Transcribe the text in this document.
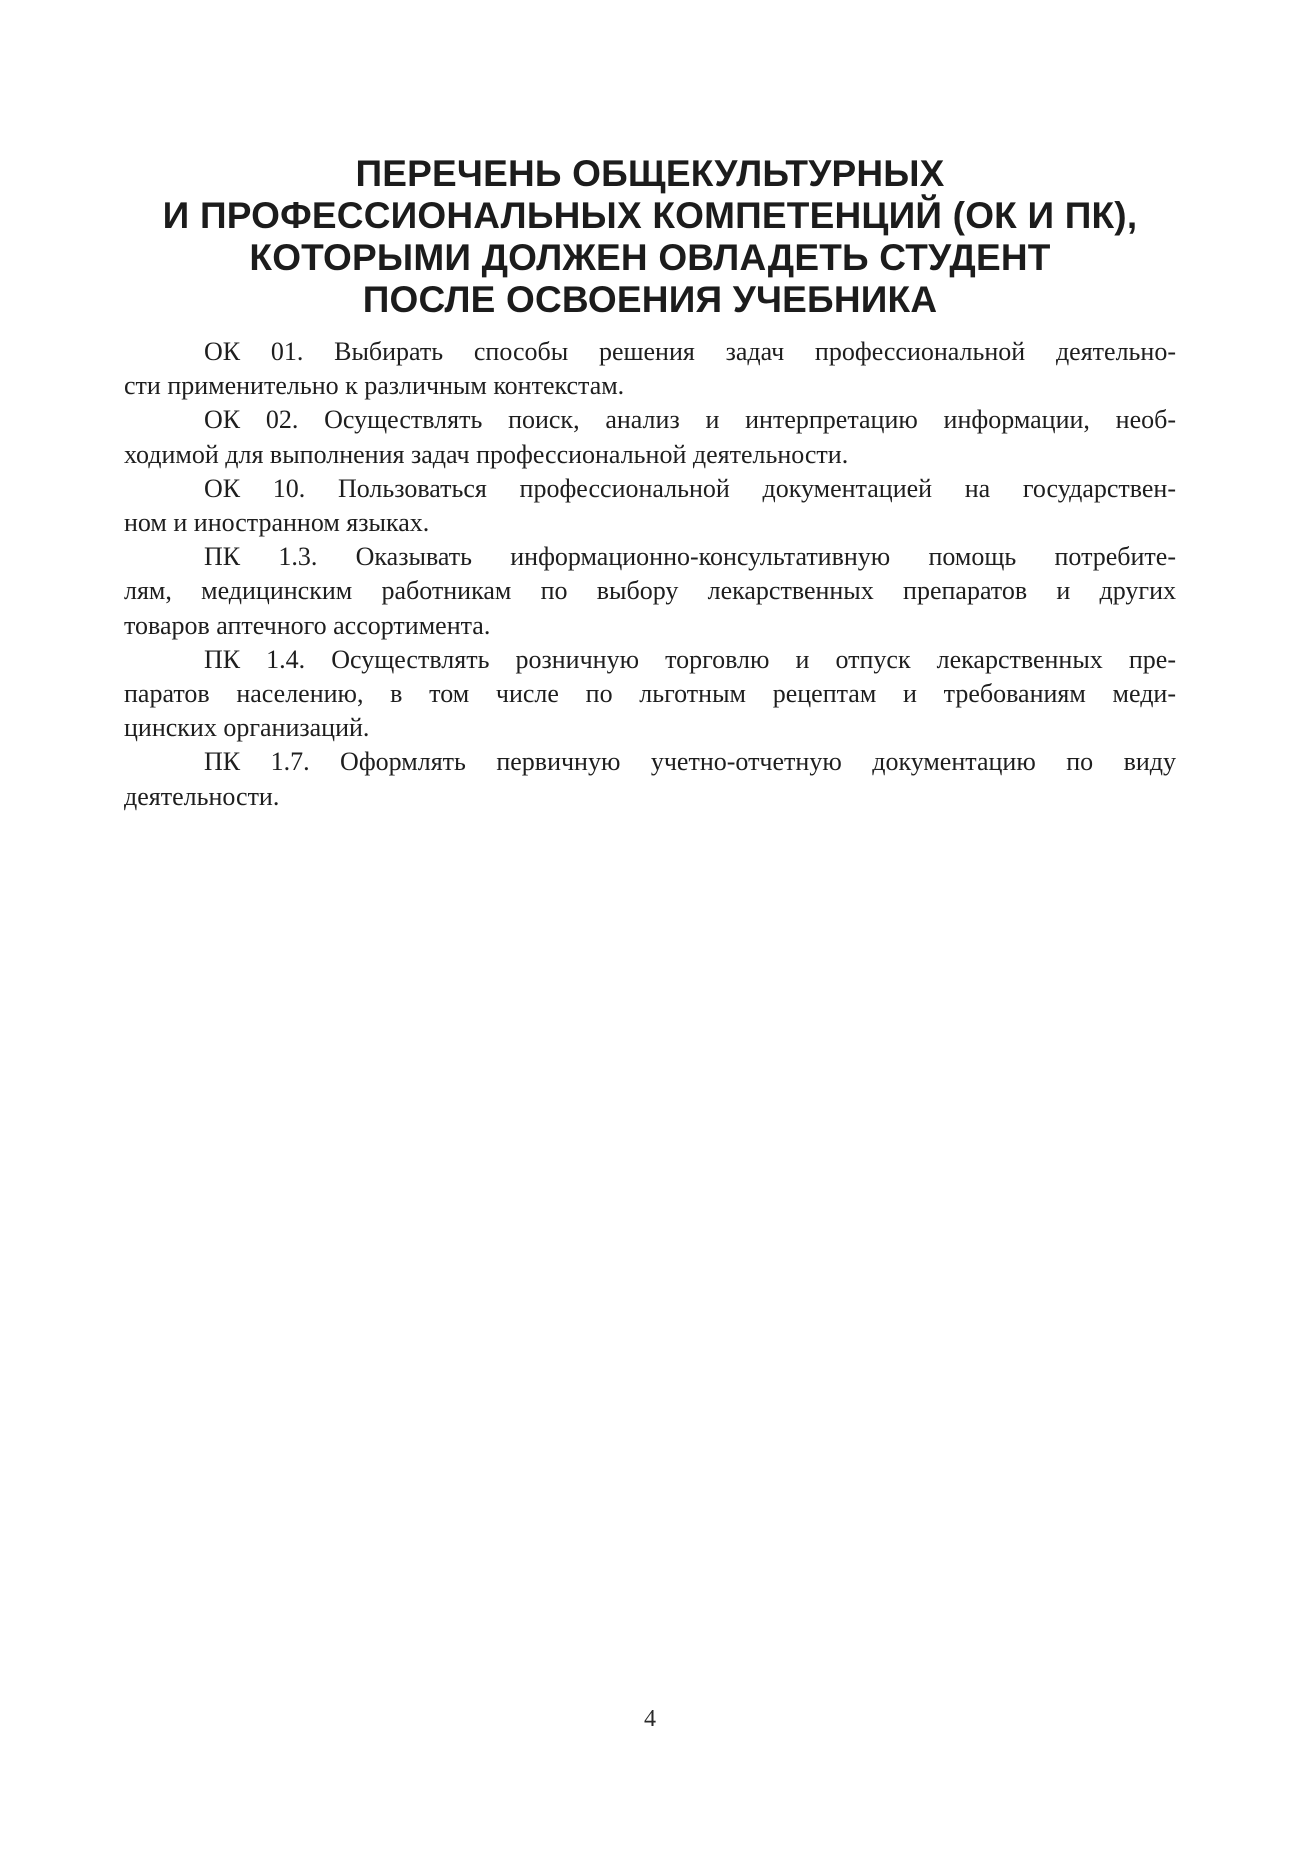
ПЕРЕЧЕНЬ ОБЩЕКУЛЬТУРНЫХ
И ПРОФЕССИОНАЛЬНЫХ КОМПЕТЕНЦИЙ (ОК И ПК),
КОТОРЫМИ ДОЛЖЕН ОВЛАДЕТЬ СТУДЕНТ
ПОСЛЕ ОСВОЕНИЯ УЧЕБНИКА

ОК 01. Выбирать способы решения задач профессиональной деятельно-
сти применительно к различным контекстам.

ОК 02. Осуществлять поиск, анализ и интерпретацию информации, необ-
ходимой для выполнения задач профессиональной деятельности.

ОК 10. Пользоваться профессиональной документацией на государствен-
ном и иностранном языках.

ПК 1.3. Оказывать информационно-консультативную помощь потребите-
лям, медицинским работникам по выбору лекарственных препаратов и других
товаров аптечного ассортимента.

ПК 1.4. Осуществлять розничную торговлю и отпуск лекарственных пре-
паратов населению, в том числе по льготным рецептам и требованиям меди-
цинских организаций.

ПК 1.7. Оформлять первичную учетно-отчетную документацию по виду
деятельности.

4
